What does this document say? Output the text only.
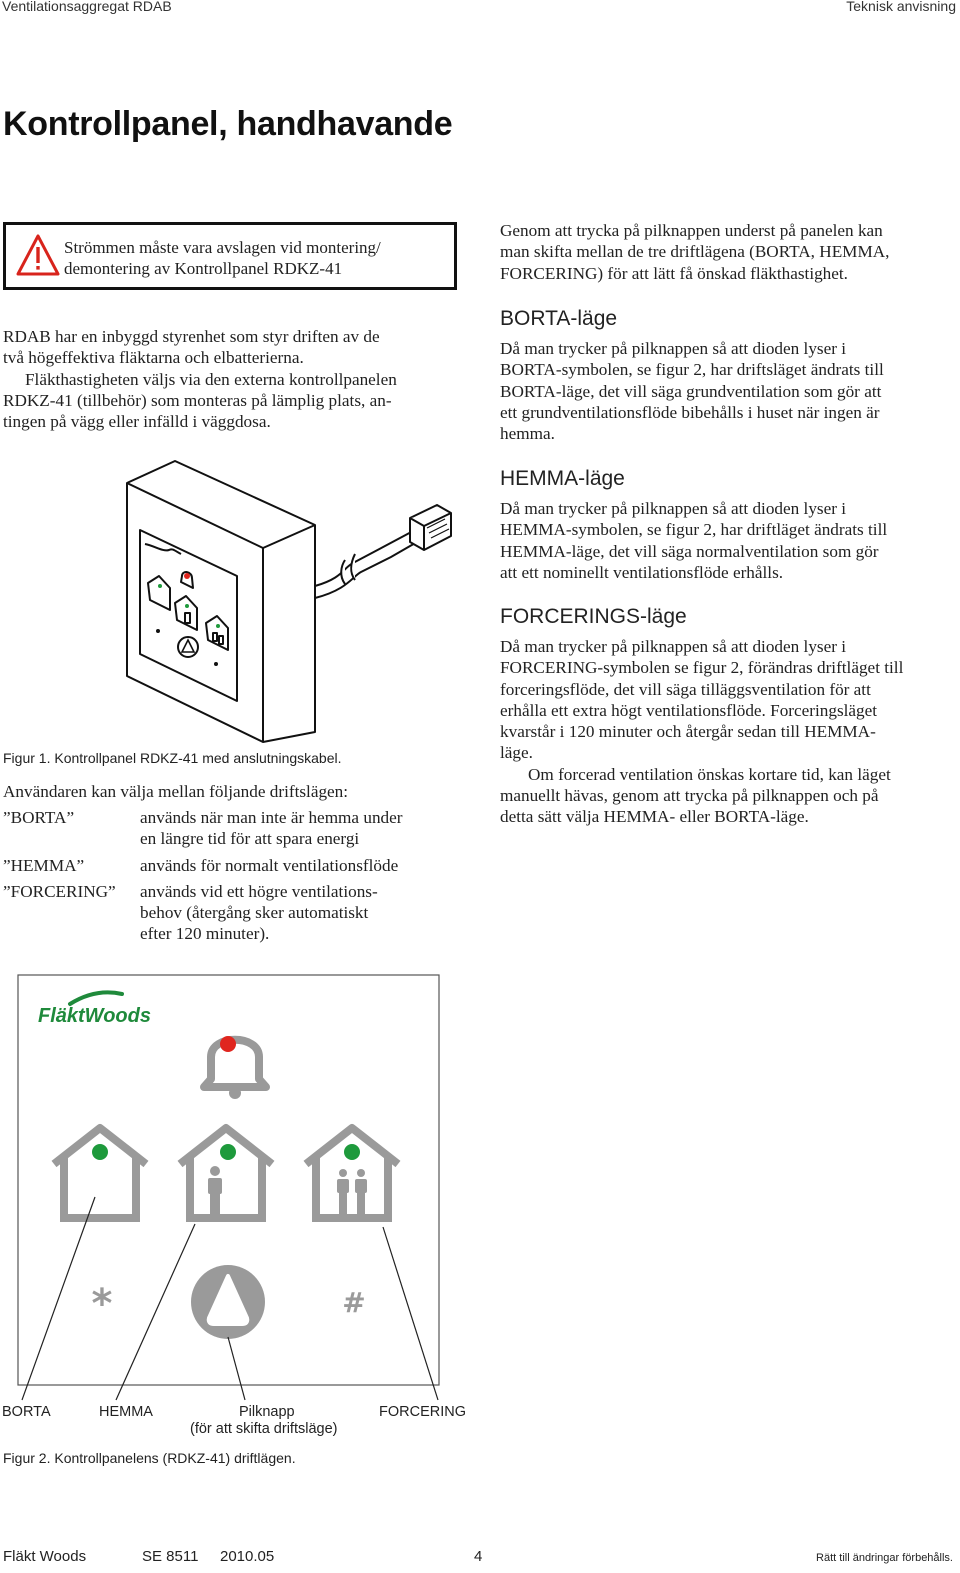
Ventilationsaggregat RDAB	Teknisk anvisning
Kontrollpanel, handhavande
Strömmen måste vara avslagen vid montering/
demontering av Kontrollpanel RDKZ-41
RDAB har en inbyggd styrenhet som styr driften av de
två högeffektiva fläktarna och elbatterierna.
Fläkthastigheten väljs via den externa kontrollpanelen
RDKZ-41 (tillbehör) som monteras på lämplig plats, an-
tingen på vägg eller infälld i väggdosa.
Figur 1. Kontrollpanel RDKZ-41 med anslutningskabel.
Användaren kan välja mellan följande driftslägen:
”BORTA”	används när man inte är hemma under
en längre tid för att spara energi
”HEMMA”	används för normalt ventilationsflöde
”FORCERING”	används vid ett högre ventilations-
behov (återgång sker automatiskt
efter 120 minuter).
Genom att trycka på pilknappen underst på panelen kan
man skifta mellan de tre driftlägena (BORTA, HEMMA,
FORCERING) för att lätt få önskad fläkthastighet.
BORTA-läge
Då man trycker på pilknappen så att dioden lyser i
BORTA-symbolen, se figur 2, har driftsläget ändrats till
BORTA-läge, det vill säga grundventilation som gör att
ett grundventilationsflöde bibehålls i huset när ingen är
hemma.
HEMMA-läge
Då man trycker på pilknappen så att dioden lyser i
HEMMA-symbolen, se figur 2, har driftläget ändrats till
HEMMA-läge, det vill säga normalventilation som gör
att ett nominellt ventilationsflöde erhålls.
FORCERINGS-läge
Då man trycker på pilknappen så att dioden lyser i
FORCERING-symbolen se figur 2, förändras driftläget till
forceringsflöde, det vill säga tilläggsventilation för att
erhålla ett extra högt ventilationsflöde. Forceringsläget
kvarstår i 120 minuter och återgår sedan till HEMMA-
läge.
Om forcerad ventilation önskas kortare tid, kan läget
manuellt hävas, genom att trycka på pilknappen och på
detta sätt välja HEMMA- eller BORTA-läge.
FläktWoods
*	#
BORTA	HEMMA	Pilknapp
(för att skifta driftsläge)
FORCERING
Figur 2. Kontrollpanelens (RDKZ-41) driftlägen.
Fläkt Woods	SE 8511 2010.05	4	Rätt till ändringar förbehålls.
